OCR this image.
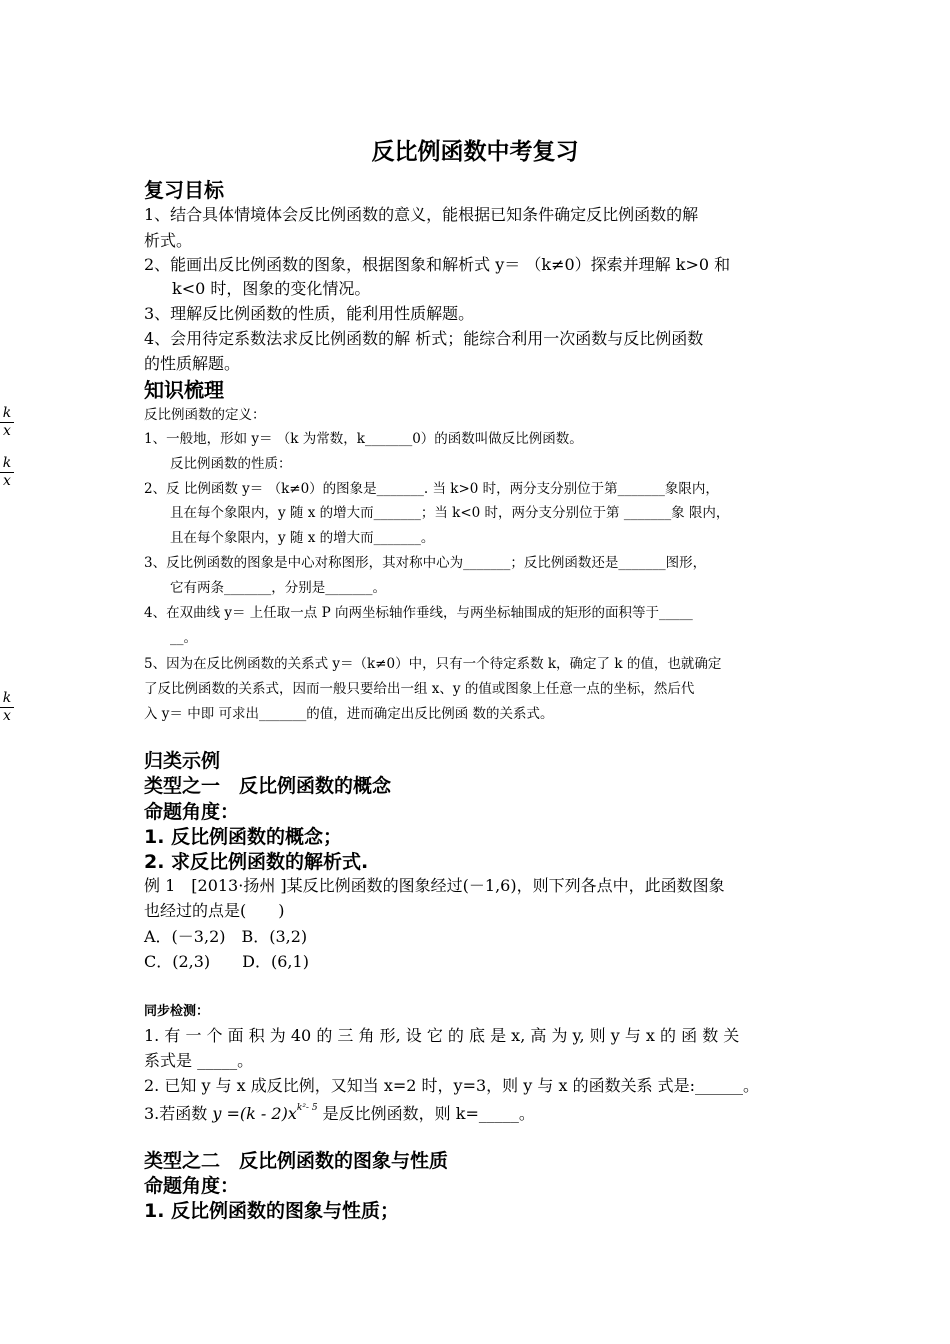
反比例函数中考复习
复习目标
1、结合具体情境体会反比例函数的意义，能根据已知条件确定反比例函数的解
析式。
2、能画出反比例函数的图象，根据图象和解析式 y＝ （k≠0）探索并理解 k>0 和
k<0 时，图象的变化情况。
3、理解反比例函数的性质，能利用性质解题。
4、会用待定系数法求反比例函数的解 析式；能综合利用一次函数与反比例函数
的性质解题。
知识梳理
反比例函数的定义：
1、一般地，形如 y＝ （k 为常数，k_______0）的函数叫做反比例函数。
反比例函数的性质：
2、反 比例函数 y＝ （k≠0）的图象是_______. 当 k>0 时，两分支分别位于第_______象限内，
且在每个象限内，y 随 x 的增大而_______；当 k<0 时，两分支分别位于第 _______象 限内，
且在每个象限内，y 随 x 的增大而_______。
3、反比例函数的图象是中心对称图形，其对称中心为_______；反比例函数还是_______图形，
它有两条_______，分别是_______。
4、在双曲线 y＝ 上任取一点 P 向两坐标轴作垂线，与两坐标轴围成的矩形的面积等于_____
__。
5、因为在反比例函数的关系式 y＝（k≠0）中，只有一个待定系数 k，确定了 k 的值，也就确定
了反比例函数的关系式，因而一般只要给出一组 x、y 的值或图象上任意一点的坐标，然后代
入 y＝ 中即 可求出_______的值，进而确定出反比例函 数的关系式。
$\frac{k}{x}$
$\frac{k}{x}$
$\frac{k}{x}$
归类示例
类型之一　反比例函数的概念
命题角度：
1. 反比例函数的概念；
2. 求反比例函数的解析式.
例 1　[2013·扬州 ]某反比例函数的图象经过(－1,6)，则下列各点中，此函数图象
也经过的点是(　　)
A．(－3,2)　B．(3,2)
C．(2,3)　　D．(6,1)
同步检测：
1. 有 一 个 面 积 为 40 的 三 角 形, 设 它 的 底 是 x, 高 为 y, 则 y 与 x 的 函 数 关
系式是 _____。
2. 已知 y 与 x 成反比例，又知当 x=2 时，y=3，则 y 与 x 的函数关系 式是:______。
3.若函数 $y =(k - 2)x^{k^2- 5}$ 是反比例函数，则 k=_____。
类型之二　反比例函数的图象与性质
命题角度：
1. 反比例函数的图象与性质；
